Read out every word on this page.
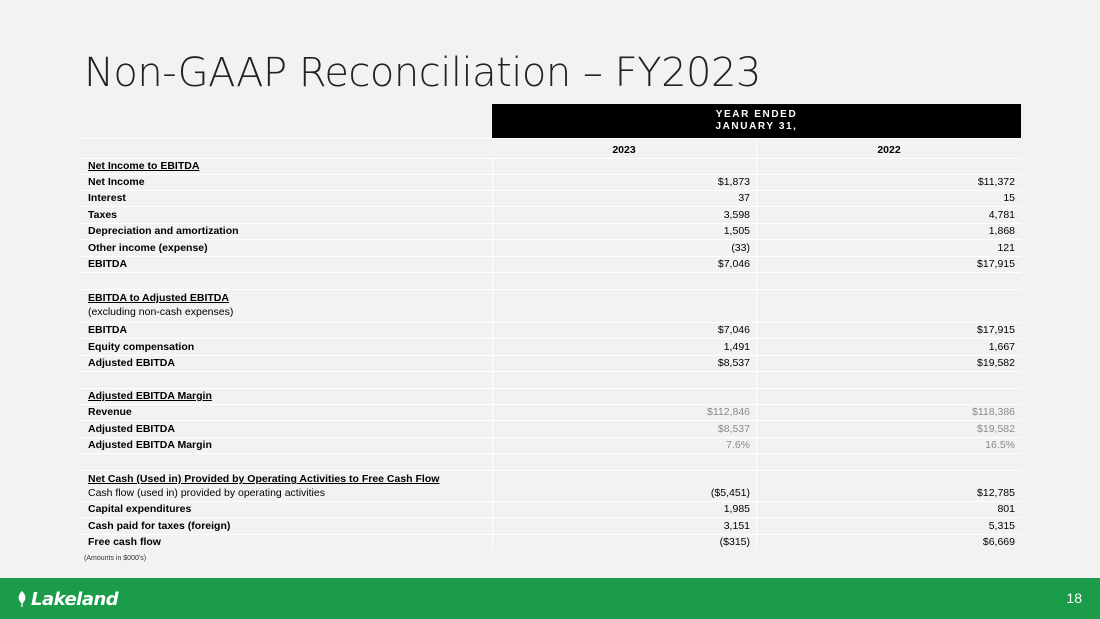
Non-GAAP Reconciliation – FY2023
YEAR ENDED
JANUARY 31,
2023	2022
Net Income to EBITDA
Net Income	$1,873	$11,372
Interest	37	15
Taxes	3,598	4,781
Depreciation and amortization	1,505	1,868
Other income (expense)	(33)	121
EBITDA	$7,046	$17,915
EBITDA to Adjusted EBITDA
(excluding non-cash expenses)
EBITDA	$7,046	$17,915
Equity compensation	1,491	1,667
Adjusted EBITDA	$8,537	$19,582
Adjusted EBITDA Margin
Revenue	$112,846	$118,386
Adjusted EBITDA	$8,537	$19,582
Adjusted EBITDA Margin	7.6%	16.5%
Net Cash (Used in) Provided by Operating Activities to Free Cash Flow
Cash flow (used in) provided by operating activities	($5,451)	$12,785
Capital expenditures	1,985	801
Cash paid for taxes (foreign)	3,151	5,315
Free cash flow	($315)	$6,669
(Amounts in $000's)
Lakeland	18
